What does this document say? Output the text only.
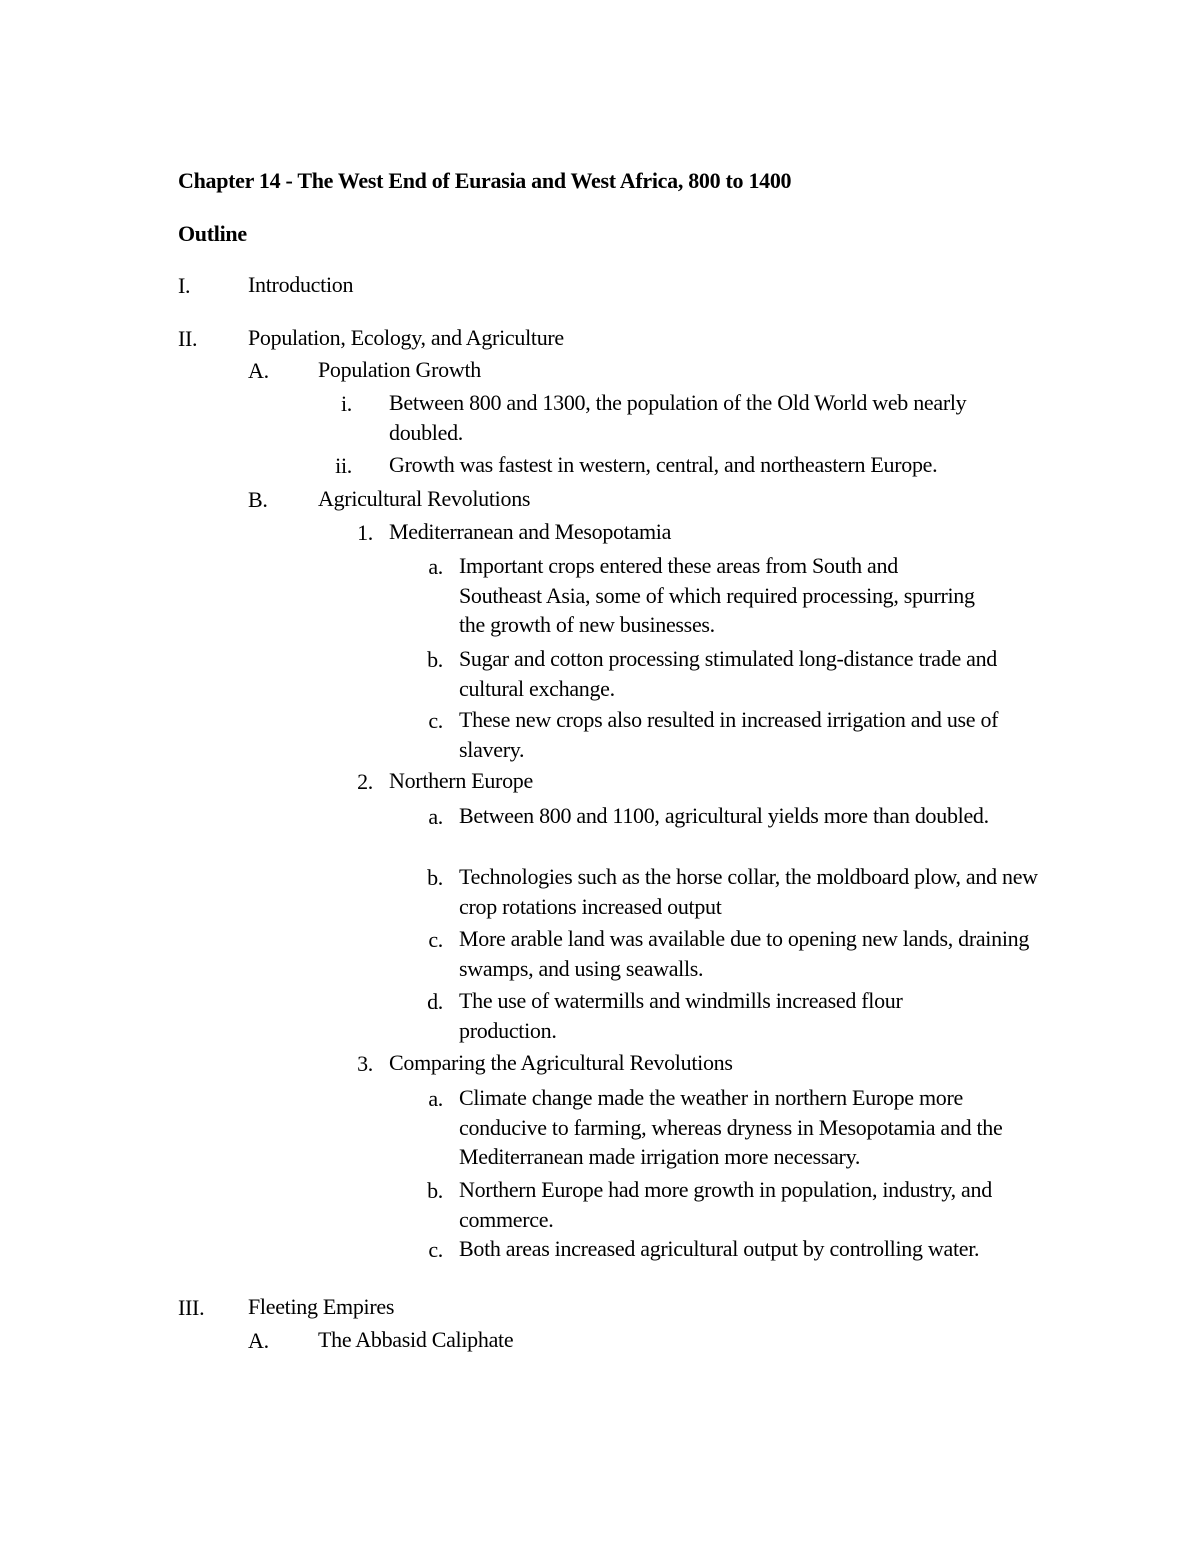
Chapter 14 - The West End of Eurasia and West Africa, 800 to 1400
Outline
I.	Introduction
II. Population, Ecology, and Agriculture
A. Population Growth
i. Between 800 and 1300, the population of the Old World web nearly doubled.
ii. Growth was fastest in western, central, and northeastern Europe.
B. Agricultural Revolutions
1. Mediterranean and Mesopotamia
a. Important crops entered these areas from South and Southeast Asia, some of which required processing, spurring the growth of new businesses.
b. Sugar and cotton processing stimulated long-distance trade and cultural exchange.
c. These new crops also resulted in increased irrigation and use of slavery.
2. Northern Europe
a. Between 800 and 1100, agricultural yields more than doubled.
b. Technologies such as the horse collar, the moldboard plow, and new crop rotations increased output
c. More arable land was available due to opening new lands, draining swamps, and using seawalls.
d. The use of watermills and windmills increased flour production.
3. Comparing the Agricultural Revolutions
a. Climate change made the weather in northern Europe more conducive to farming, whereas dryness in Mesopotamia and the Mediterranean made irrigation more necessary.
b. Northern Europe had more growth in population, industry, and commerce.
c. Both areas increased agricultural output by controlling water.
III. Fleeting Empires
A. The Abbasid Caliphate
